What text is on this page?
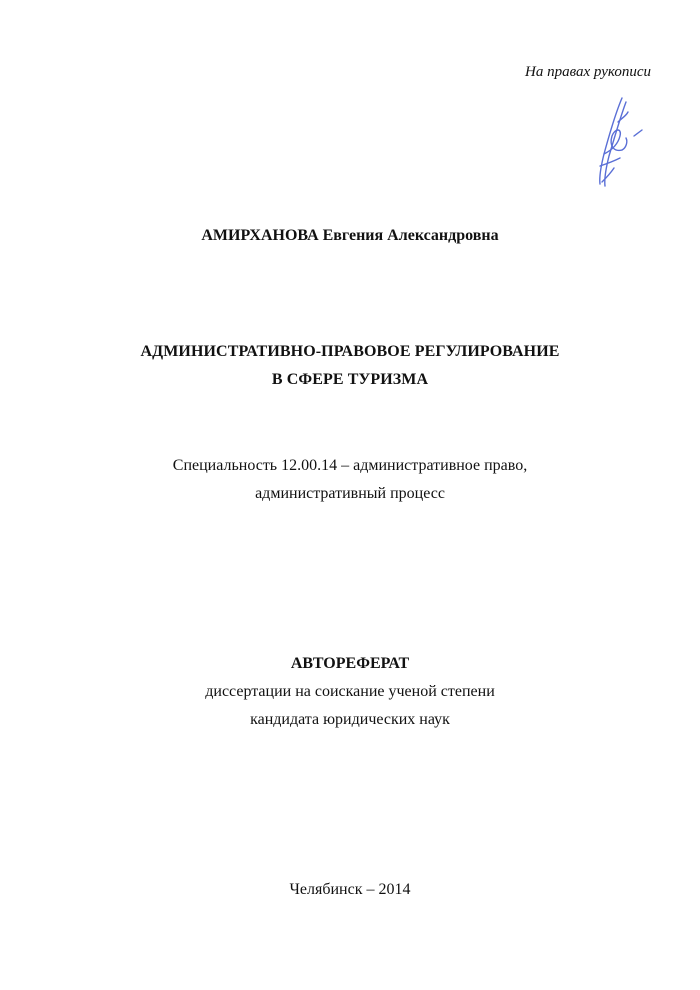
На правах рукописи
АМИРХАНОВА Евгения Александровна
АДМИНИСТРАТИВНО-ПРАВОВОЕ РЕГУЛИРОВАНИЕ
В СФЕРЕ ТУРИЗМА
Специальность 12.00.14 – административное право,
административный процесс
АВТОРЕФЕРАТ
диссертации на соискание ученой степени
кандидата юридических наук
Челябинск – 2014
